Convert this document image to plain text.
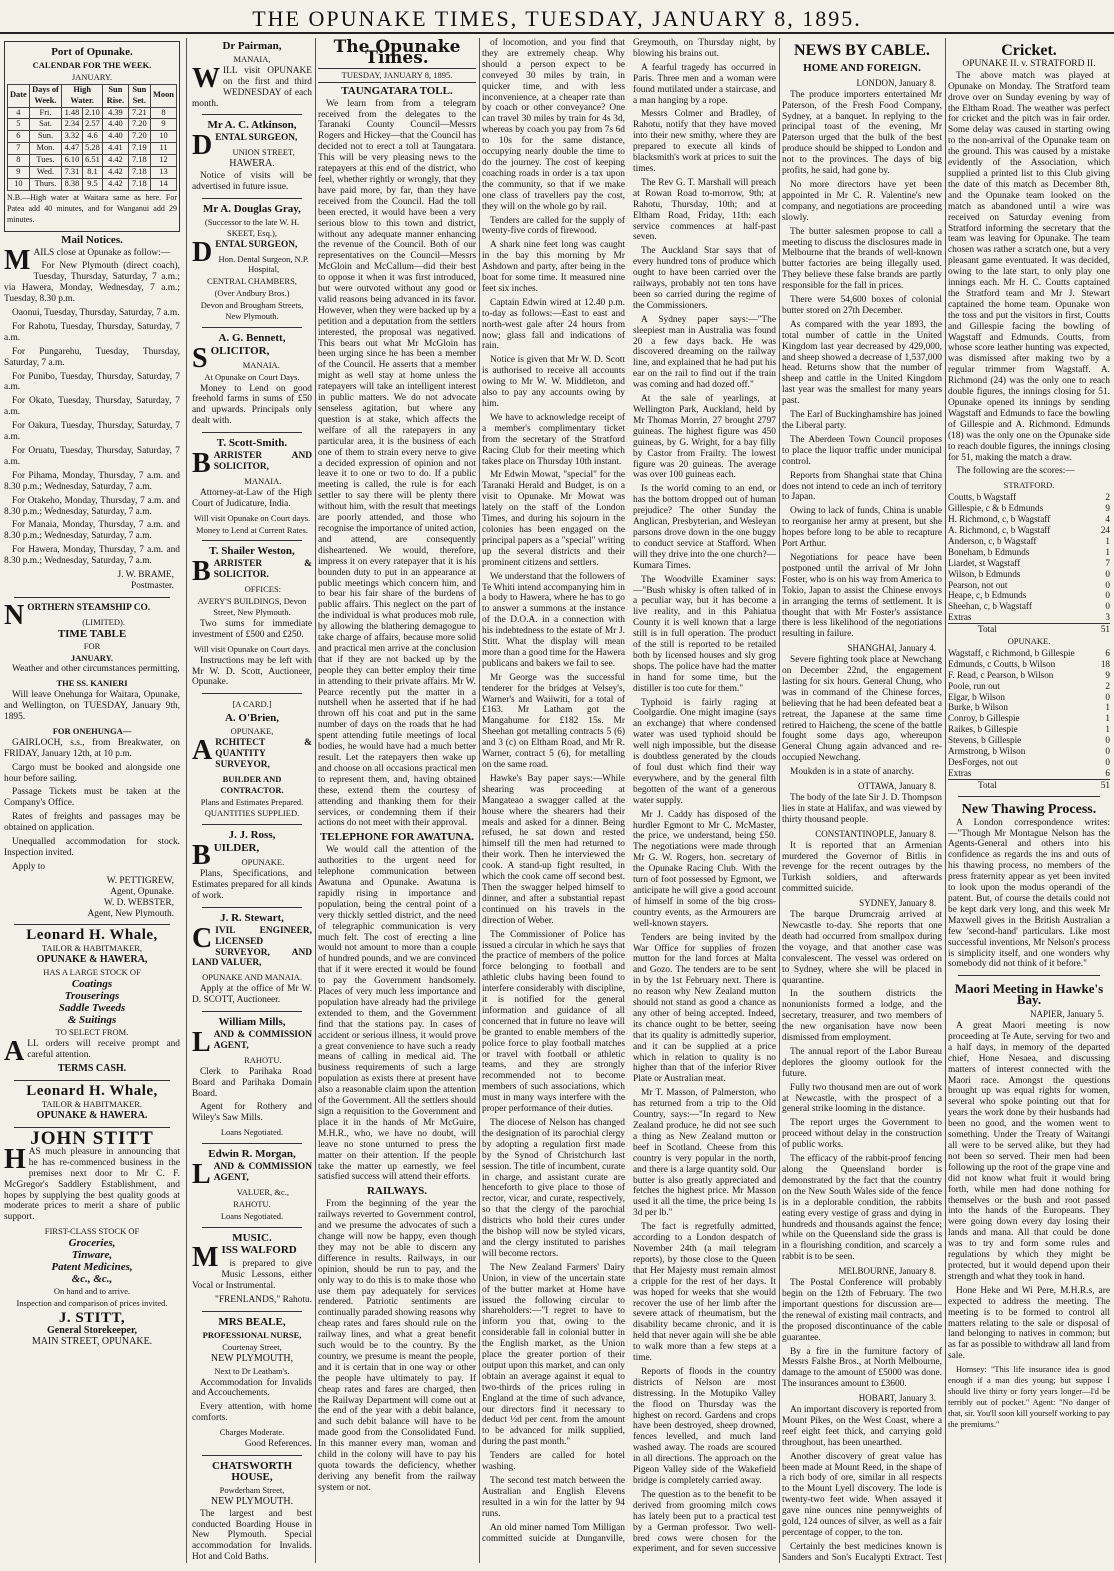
THE OPUNAKE TIMES, TUESDAY, JANUARY 8, 1895.
Port of Opunake.
CALENDAR FOR THE WEEK.
JANUARY.
Date	Days of Week.	High Water.		Sun Rise.	Sun Set.	Moon
4	Fri.	1.48	2.10	4.39	7.21	8
5	Sat.	2.34	2.57	4.40	7.20	9
6	Sun.	3.32	4.6	4.40	7.20	10
7	Mon.	4.47	5.28	4.41	7.19	11
8	Tues.	6.10	6.51	4.42	7.18	12
9	Wed.	7.31	8.1	4.42	7.18	13
10	Thurs.	8.38	9.5	4.42	7.18	14

N.B.—High water at Waitara same as here. For Patea add 40 minutes, and for Wanganui add 29 minutes.

Mail Notices.

MAILS close at Opunake as follow:—

For New Plymouth (direct coach), Tuesday, Thursday, Saturday, 7 a.m.; via Hawera, Monday, Wednesday, 7 a.m.; Tuesday, 8.30 p.m.

Oaonui, Tuesday, Thursday, Saturday, 7 a.m.

For Rahotu, Tuesday, Thursday, Saturday, 7 a.m.

For Pungarehu, Tuesday, Thursday, Saturday, 7 a.m.

For Punibo, Tuesday, Thursday, Saturday, 7 a.m.

For Okato, Tuesday, Thursday, Saturday, 7 a.m.

For Oakura, Tuesday, Thursday, Saturday, 7 a.m.

For Oruatu, Tuesday, Thursday, Saturday, 7 a.m.

For Pihama, Monday, Thursday, 7 a.m. and 8.30 p.m.; Wednesday, Saturday, 7 a.m.

For Otakeho, Monday, Thursday, 7 a.m. and 8.30 p.m.; Wednesday, Saturday, 7 a.m.

For Manaia, Monday, Thursday, 7 a.m. and 8.30 p.m.; Wednesday, Saturday, 7 a.m.

For Hawera, Monday, Thursday, 7 a.m. and 8.30 p.m.; Wednesday, Saturday, 7 a.m.

J. W. BRAME,
Postmaster.

NORTHERN STEAMSHIP CO.

(LIMITED).
TIME TABLE
FOR
JANUARY.

Weather and other circumstances permitting,

THE SS. KANIERI

Will leave Onehunga for Waitara, Opunake, and Wellington, on TUESDAY, January 9th, 1895.

FOR ONEHUNGA—

GAIRLOCH, s.s., from Breakwater, on FRIDAY, January 12th, at 10 p.m.

Cargo must be booked and alongside one hour before sailing.

Passage Tickets must be taken at the Company's Office.

Rates of freights and passages may be obtained on application.

Unequalled accommodation for stock. Inspection invited.

Apply to

W. PETTIGREW,
Agent, Opunake.
W. D. WEBSTER,
Agent, New Plymouth.
Leonard H. Whale,
TAILOR & HABITMAKER,
OPUNAKE & HAWERA,
HAS A LARGE STOCK OF
Coatings
Trouserings
Saddle Tweeds
& Suitings
TO SELECT FROM.

ALL orders will receive prompt and careful attention.

TERMS CASH.
Leonard H. Whale,
TAILOR & HABITMAKER.
OPUNAKE & HAWERA.
JOHN STITT

HAS much pleasure in announcing that he has re-commenced business in the premises next door to Mr C. F. McGregor's Saddlery Establishment, and hopes by supplying the best quality goods at moderate prices to merit a share of public support.

FIRST-CLASS STOCK OF
Groceries,
Tinware,
Patent Medicines,
&c., &c.,
On hand and to arrive.
Inspection and comparison of prices invited.
J. STITT,
General Storekeeper,
MAIN STREET, OPUNAKE.
Dr Pairman,
MANAIA,

WILL visit OPUNAKE on the first and third WEDNESDAY of each month.

Mr A. C. Atkinson,

DENTAL SURGEON,

UNION STREET,
HAWERA.

Notice of visits will be advertised in future issue.

Mr A. Douglas Gray,
(Successor to the late W. H. SKEET, Esq.),

DENTAL SURGEON,

Hon. Dental Surgeon, N.P. Hospital,
CENTRAL CHAMBERS,
(Over Andbury Bros.)
Devon and Brougham Streets, New Plymouth.
A. G. Bennett,

SOLICITOR,

MANAIA.
At Opunake on Court Days.

Money to Lend on good freehold farms in sums of £50 and upwards. Principals only dealt with.

T. Scott-Smith.

BARRISTER AND SOLICITOR,

MANAIA.

Attorney-at-Law of the High Court of Judicature, India.

Will visit Opunake on Court days.
Money to Lend at Current Rates.
T. Shailer Weston,

BARRISTER & SOLICITOR.

OFFICES:
AVERY'S BUILDINGS, Devon Street, New Plymouth.

Two sums for immediate investment of £500 and £250.

Will visit Opunake on Court days.

Instructions may be left with Mr W. D. Scott, Auctioneer, Opunake.

[A CARD.]
A. O'Brien,
OPUNAKE,

ARCHITECT & QUANTITY SURVEYOR,

BUILDER AND CONTRACTOR.
Plans and Estimates Prepared.
QUANTITIES SUPPLIED.
J. J. Ross,

BUILDER,

OPUNAKE.

Plans, Specifications, and Estimates prepared for all kinds of work.

J. R. Stewart,

CIVIL ENGINEER, LICENSED SURVEYOR, AND LAND VALUER,

OPUNAKE AND MANAIA.

Apply at the office of Mr W. D. SCOTT, Auctioneer.

William Mills,

LAND & COMMISSION AGENT,

RAHOTU.

Clerk to Parihaka Road Board and Parihaka Domain Board.

Agent for Rothery and Wiley's Saw Mills.

Loans Negotiated.
Edwin R. Morgan,

LAND & COMMISSION AGENT,

VALUER, &c.,
RAHOTU.
Loans Negotiated.
MUSIC.

MISS WALFORD

is prepared to give Music Lessons, either Vocal or Instrumental.

"FRENLANDS," Rahotu.
MRS BEALE,
PROFESSIONAL NURSE,
Courtenay Street,
NEW PLYMOUTH,
Next to Dr Leatham's.

Accommodation for Invalids and Accouchements.

Every attention, with home comforts.

Charges Moderate.
Good References.
CHATSWORTH HOUSE,
Powderham Street,
NEW PLYMOUTH.

The largest and best conducted Boarding House in New Plymouth. Special accommodation for Invalids. Hot and Cold Baths.

The Opunake Times.
TUESDAY, JANUARY 8, 1895.
TAUNGATARA TOLL.

We learn from from a telegram received from the delegates to the Taranaki County Council—Messrs Rogers and Hickey—that the Council has decided not to erect a toll at Taungatara. This will be very pleasing news to the ratepayers at this end of the district, who feel, whether rightly or wrongly, that they have paid more, by far, than they have received from the Council. Had the toll been erected, it would have been a very serious blow to this town and district, without any adequate manner enhancing the revenue of the Council. Both of our representatives on the Council—Messrs McGloin and McCallum—did their best to oppose it when it was first introduced, but were outvoted without any good or valid reasons being advanced in its favor. However, when they were backed up by a petition and a deputation from the settlers interested, the proposal was negatived. This bears out what Mr McGloin has been urging since he has been a member of the Council. He asserts that a member might as well stay at home unless the ratepayers will take an intelligent interest in public matters. We do not advocate senseless agitation, but where any question is at stake, which affects the welfare of all the ratepayers in any particular area, it is the business of each one of them to strain every nerve to give a decided expression of opinion and not leave it to one or two to do. If a public meeting is called, the rule is for each settler to say there will be plenty there without him, with the result that meetings are poorly attended, and those who recognise the importance of united action, and attend, are consequently disheartened. We would, therefore, impress it on every ratepayer that it is his bounden duty to put in an appearance at public meetings which concern him, and to bear his fair share of the burdens of public affairs. This neglect on the part of the individual is what produces mob rule, by allowing the blathering demagogue to take charge of affairs, because more solid and practical men arrive at the conclusion that if they are not backed up by the people they can better employ their time in attending to their private affairs. Mr W. Pearce recently put the matter in a nutshell when he asserted that if he had thrown off his coat and put in the same number of days on the roads that he had spent attending futile meetings of local bodies, he would have had a much better result. Let the ratepayers then wake up and choose on all occasions practical men to represent them, and, having obtained these, extend them the courtesy of attending and thanking them for their services, or condemning them if their actions do not meet with their approval.

TELEPHONE FOR AWATUNA.

We would call the attention of the authorities to the urgent need for telephone communication between Awatuna and Opunake. Awatuna is rapidly rising in importance and population, being the central point of a very thickly settled district, and the need of telegraphic communication is very much felt. The cost of erecting a line would not amount to more than a couple of hundred pounds, and we are convinced that if it were erected it would be found to pay the Government handsomely. Places of very much less importance and population have already had the privilege extended to them, and the Government find that the stations pay. In cases of accident or serious illness, it would prove a great convenience to have such a ready means of calling in medical aid. The business requirements of such a large population as exists there at present have also a reasonable claim upon the attention of the Government. All the settlers should sign a requisition to the Government and place it in the hands of Mr McGuire, M.H.R., who, we have no doubt, will leave no stone unturned to press the matter on their attention. If the people take the matter up earnestly, we feel satisfied success will attend their efforts.

RAILWAYS.

From the beginning of the year the railways reverted to Government control, and we presume the advocates of such a change will now be happy, even though they may not be able to discern any difference in results. Railways, in our opinion, should be run to pay, and the only way to do this is to make those who use them pay adequately for services rendered. Patriotic sentiments are continually paraded showing reasons why cheap rates and fares should rule on the railway lines, and what a great benefit such would be to the country. By the country, we presume is meant the people, and it is certain that in one way or other the people have ultimately to pay. If cheap rates and fares are charged, then the Railway Department will come out at the end of the year with a debit balance, and such debit balance will have to be made good from the Consolidated Fund. In this manner every man, woman and child in the colony will have to pay his quota towards the deficiency, whether deriving any benefit from the railway system or not.

of locomotion, and you find that they are extremely cheap. Why should a person expect to be conveyed 30 miles by train, in quicker time, and with less inconvenience, at a cheaper rate than by coach or other conveyance? One can travel 30 miles by train for 4s 3d, whereas by coach you pay from 7s 6d to 10s for the same distance, occupying nearly double the time to do the journey. The cost of keeping coaching roads in order is a tax upon the community, so that if we make one class of travellers pay the cost, they will on the whole go by rail.

Tenders are called for the supply of twenty-five cords of firewood.

A shark nine feet long was caught in the bay this morning by Mr Ashdown and party, after being in the boat for some time. It measured nine feet six inches.

Captain Edwin wired at 12.40 p.m. to-day as follows:—East to east and north-west gale after 24 hours from now; glass fall and indications of rain.

Notice is given that Mr W. D. Scott is authorised to receive all accounts owing to Mr W. W. Middleton, and also to pay any accounts owing by him.

We have to acknowledge receipt of a member's complimentary ticket from the secretary of the Stratford Racing Club for their meeting which takes place on Thursday 10th instant.

Mr Edwin Mowat, "special" for the Taranaki Herald and Budget, is on a visit to Opunake. Mr Mowat was lately on the staff of the London Times, and during his sojourn in the colonies has been engaged on the principal papers as a "special" writing up the several districts and their prominent citizens and settlers.

We understand that the followers of Te Whiti intend accompanying him in a body to Hawera, where he has to go to answer a summons at the instance of the D.O.A. in a connection with his indebtedness to the estate of Mr J. Stitt. What the display will mean more than a good time for the Hawera publicans and bakers we fail to see.

Mr George was the successful tenderer for the bridges at Velsey's, Warner's and Waiiwiti, for a total of £163. Mr Latham got the Mangahume for £182 15s. Mr Sheehan got metalling contracts 5 (6) and 3 (c) on Eltham Road, and Mr R. Warner, contract 5 (6), for metalling on the same road.

Hawke's Bay paper says:—While shearing was proceeding at Mangateao a swagger called at the house where the shearers had their meals and asked for a dinner. Being refused, he sat down and rested himself till the men had returned to their work. Then he interviewed the cook. A stand-up fight resulted, in which the cook came off second best. Then the swagger helped himself to dinner, and after a substantial repast continued on his travels in the direction of Weber.

The Commissioner of Police has issued a circular in which he says that the practice of members of the police force belonging to football and athletic clubs having been found to interfere considerably with discipline, it is notified for the general information and guidance of all concerned that in future no leave will be granted to enable members of the police force to play football matches or travel with football or athletic teams, and they are strongly recommended not to become members of such associations, which must in many ways interfere with the proper performance of their duties.

The diocese of Nelson has changed the designation of its parochial clergy by adopting a regulation first made by the Synod of Christchurch last session. The title of incumbent, curate in charge, and assistant curate are henceforth to give place to those of rector, vicar, and curate, respectively, so that the clergy of the parochial districts who hold their cures under the bishop will now be styled vicars, and the clergy instituted to parishes will become rectors.

The New Zealand Farmers' Dairy Union, in view of the uncertain state of the butter market at Home have issued the following circular to shareholders:—"I regret to have to inform you that, owing to the considerable fall in colonial butter in the English market, as the Union place the greater portion of their output upon this market, and can only obtain an average against it equal to two-thirds of the prices ruling in England at the time of such advance, our directors find it necessary to deduct ½d per cent. from the amount to be advanced for milk supplied, during the past month."

Tenders are called for hotel washing.

The second test match between the Australian and English Elevens resulted in a win for the latter by 94 runs.

An old miner named Tom Milligan committed suicide at Dunganville, Greymouth, on Thursday night, by blowing his brains out.

A fearful tragedy has occurred in Paris. Three men and a woman were found mutilated under a staircase, and a man hanging by a rope.

Messrs Colmer and Bradley, of Rahotu, notify that they have moved into their new smithy, where they are prepared to execute all kinds of blacksmith's work at prices to suit the times.

The Rev G. T. Marshall will preach at Rowan Road to-morrow, 9th; at Rahotu, Thursday, 10th; and at Eltham Road, Friday, 11th: each service commences at half-past seven.

The Auckland Star says that of every hundred tons of produce which ought to have been carried over the railways, probably not ten tons have been so carried during the regime of the Commissioners.

A Sydney paper says:—"The sleepiest man in Australia was found 20 a few days back. He was discovered dreaming on the railway line, and explained that he had put his ear on the rail to find out if the train was coming and had dozed off."

At the sale of yearlings, at Wellington Park, Auckland, held by Mr Thomas Morrin, 27 brought 2797 guineas. The highest figure was 450 guineas, by G. Wright, for a bay filly by Castor from Frailty. The lowest figure was 20 guineas. The average was over 100 guineas each.

Is the world coming to an end, or has the bottom dropped out of human prejudice? The other Sunday the Anglican, Presbyterian, and Wesleyan parsons drove down in the one buggy to conduct service at Stafford. When will they drive into the one church?—Kumara Times.

The Woodville Examiner says:—"Bush whisky is often talked of in a peculiar way, but it has become a live reality, and in this Pahiatua County it is well known that a large still is in full operation. The product of the still is reported to be retailed both by licensed houses and sly grog shops. The police have had the matter in hand for some time, but the distiller is too cute for them."

Typhoid is fairly raging at Coolgardie. One might imagine (says an exchange) that where condensed water was used typhoid should be well nigh impossible, but the disease is doubtless generated by the clouds of foul dust which find their way everywhere, and by the general filth begotten of the want of a generous water supply.

Mr J. Caddy has disposed of the hurdler Egmont to Mr C. McMaster, the price, we understand, being £50. The negotiations were made through Mr G. W. Rogers, hon. secretary of the Opunake Racing Club. With the turn of foot possessed by Egmont, we anticipate he will give a good account of himself in some of the big cross-country events, as the Armourers are well-known stayers.

Tenders are being invited by the War Office for supplies of frozen mutton for the land forces at Malta and Gozo. The tenders are to be sent in by the 1st February next. There is no reason why New Zealand mutton should not stand as good a chance as any other of being accepted. Indeed, its chance ought to be better, seeing that its quality is admittedly superior, and it can be supplied at a price which in relation to quality is no higher than that of the inferior River Plate or Australian meat.

Mr T. Masson, of Palmerston, who has returned from a trip to the Old Country, says:—"In regard to New Zealand produce, he did not see such a thing as New Zealand mutton or beef in Scotland. Cheese from this country is very popular in the north, and there is a large quantity sold. Our butter is also greatly appreciated and fetches the highest price. Mr Masson used it all the time, the price being 1s 3d per lb."

The fact is regretfully admitted, according to a London despatch of November 24th (a mail telegram reports), by those close to the Queen that Her Majesty must remain almost a cripple for the rest of her days. It was hoped for weeks that she would recover the use of her limb after the severe attack of rheumatism, but the disability became chronic, and it is held that never again will she be able to walk more than a few steps at a time.

Reports of floods in the country districts of Nelson are most distressing. In the Motupiko Valley the flood on Thursday was the highest on record. Gardens and crops have been destroyed, sheep drowned, fences levelled, and much land washed away. The roads are scoured in all directions. The approach on the Pigeon Valley side of the Wakefield bridge is completely carried away.

The question as to the benefit to be derived from grooming milch cows has lately been put to a practical test by a German professor. Two well-bred cows were chosen for the experiment, and for seven successive

NEWS BY CABLE.
HOME AND FOREIGN.
LONDON, January 8.

The produce importers entertained Mr Paterson, of the Fresh Food Company, Sydney, at a banquet. In replying to the principal toast of the evening, Mr Paterson urged that the bulk of the best produce should be shipped to London and not to the provinces. The days of big profits, he said, had gone by.

No more directors have yet been appointed in Mr C. R. Valentine's new company, and negotiations are proceeding slowly.

The butter salesmen propose to call a meeting to discuss the disclosures made in Melbourne that the brands of well-known butter factories are being illegally used. They believe these false brands are partly responsible for the fall in prices.

There were 54,600 boxes of colonial butter stored on 27th December.

As compared with the year 1893, the total number of cattle in the United Kingdom last year decreased by 429,000, and sheep showed a decrease of 1,537,000 head. Returns show that the number of sheep and cattle in the United Kingdom last year was the smallest for many years past.

The Earl of Buckinghamshire has joined the Liberal party.

The Aberdeen Town Council proposes to place the liquor traffic under municipal control.

Reports from Shanghai state that China does not intend to cede an inch of territory to Japan.

Owing to lack of funds, China is unable to reorganise her army at present, but she hopes before long to be able to recapture Port Arthur.

Negotiations for peace have been postponed until the arrival of Mr John Foster, who is on his way from America to Tokio, Japan to assist the Chinese envoys in arranging the terms of settlement. It is thought that with Mr Foster's assistance there is less likelihood of the negotiations resulting in failure.

SHANGHAI, January 4.

Severe fighting took place at Newchang on December 22nd, the engagement lasting for six hours. General Chung, who was in command of the Chinese forces, believing that he had been defeated beat a retreat, the Japanese at the same time retired to Haicheng, the scene of the battle fought some days ago, whereupon General Chung again advanced and re-occupied Newchang.

Moukden is in a state of anarchy.

OTTAWA, January 8.

The body of the late Sir J. D. Thompson lies in state at Halifax, and was viewed by thirty thousand people.

CONSTANTINOPLE, January 8.

It is reported that an Armenian murdered the Governor of Bitlis in revenge for the recent outrages by the Turkish soldiers, and afterwards committed suicide.

SYDNEY, January 8.

The barque Drumcraig arrived at Newcastle to-day. She reports that one death had occurred from smallpox during the voyage, and that another case was convalescent. The vessel was ordered on to Sydney, where she will be placed in quarantine.

In the southern districts the nonunionists formed a lodge, and the secretary, treasurer, and two members of the new organisation have now been dismissed from employment.

The annual report of the Labor Bureau deplores the gloomy outlook for the future.

Fully two thousand men are out of work at Newcastle, with the prospect of a general strike looming in the distance.

The report urges the Government to proceed without delay in the construction of public works.

The efficacy of the rabbit-proof fencing along the Queensland border is demonstrated by the fact that the country on the New South Wales side of the fence is in a deplorable condition, the rabbits eating every vestige of grass and dying in hundreds and thousands against the fence; while on the Queensland side the grass is in a flourishing condition, and scarcely a rabbit is to be seen.

MELBOURNE, January 8.

The Postal Conference will probably begin on the 12th of February. The two important questions for discussion are—the renewal of existing mail contracts, and the proposed discontinuance of the cable guarantee.

By a fire in the furniture factory of Messrs Falshe Bros., at North Melbourne, damage to the amount of £5000 was done. The insurances amount to £3600.

HOBART, January 3.

An important discovery is reported from Mount Pikes, on the West Coast, where a reef eight feet thick, and carrying gold throughout, has been unearthed.

Another discovery of great value has been made at Mount Reed, in the shape of a rich body of ore, similar in all respects to the Mount Lyell discovery. The lode is twenty-two feet wide. When assayed it gave nine ounces nine pennyweights of gold, 124 ounces of silver, as well as a fair percentage of copper, to the ton.

Certainly the best medicines known is Sanders and Son's Eucalypti Extract. Test

Cricket.
OPUNAKE II. v. STRATFORD II.

The above match was played at Opunake on Monday. The Stratford team drove over on Sunday evening by way of the Eltham Road. The weather was perfect for cricket and the pitch was in fair order. Some delay was caused in starting owing to the non-arrival of the Opunake team on the ground. This was caused by a mistake evidently of the Association, which supplied a printed list to this Club giving the date of this match as December 8th, and the Opunake team looked on the match as abandoned until a wire was received on Saturday evening from Stratford informing the secretary that the team was leaving for Opunake. The team chosen was rather a scratch one, but a very pleasant game eventuated. It was decided, owing to the late start, to only play one innings each. Mr H. C. Coutts captained the Stratford team and Mr J. Stewart captained the home team. Opunake won the toss and put the visitors in first, Coutts and Gillespie facing the bowling of Wagstaff and Edmunds. Coutts, from whose score leather hunting was expected, was dismissed after making two by a regular trimmer from Wagstaff. A. Richmond (24) was the only one to reach double figures, the innings closing for 51. Opunake opened its innings by sending Wagstaff and Edmunds to face the bowling of Gillespie and A. Richmond. Edmunds (18) was the only one on the Opunake side to reach double figures, the innings closing for 51, making the match a draw.

The following are the scores:—

STRATFORD.
Coutts, b Wagstaff	2
Gillespie, c & b Edmunds	9
H. Richmond, c, b Wagstaff	4
A. Richmond, c, b Wagstaff	24
Anderson, c, b Wagstaff	1
Boneham, b Edmunds	1
Liardet, st Wagstaff	7
Wilson, b Edmunds	0
Pearson, not out	0
Heape, c, b Edmunds	0
Sheehan, c, b Wagstaff	0
Extras	3
Total	51
OPUNAKE.
Wagstaff, c Richmond, b Gillespie	6
Edmunds, c Coutts, b Wilson	18
F. Read, c Pearson, b Wilson	9
Poole, run out	2
Elgar, b Wilson	0
Burke, b Wilson	1
Conroy, b Gillespie	1
Raikes, b Gillespie	1
Stevens, b Gillespie	0
Armstrong, b Wilson	0
DesForges, not out	0
Extras	6
Total	51
New Thawing Process.

A London correspondence writes:—"Though Mr Montague Nelson has the Agents-General and others into his confidence as regards the ins and outs of his thawing process, no members of the press fraternity appear as yet been invited to look upon the modus operandi of the patent. But, of course the details could not be kept dark very long, and this week Mr Maxwell gives in the British Australian a few 'second-hand' particulars. Like most successful inventions, Mr Nelson's process is simplicity itself, and one wonders why somebody did not think of it before."

Maori Meeting in Hawke's Bay.
NAPIER, January 5.

A great Maori meeting is now proceeding at Te Aute, serving for two and a half days, in memory of the departed chief, Hone Nesaea, and discussing matters of interest connected with the Maori race. Amongst the questions brought up was equal rights for women, several who spoke pointing out that for years the work done by their husbands had been no good, and the women went to something. Under the Treaty of Waitangi all were to be served alike, but they had not been so served. Their men had been following up the root of the grape vine and did not know what fruit it would bring forth, while men had done nothing for themselves or the bush and root passed into the hands of the Europeans. They were going down every day losing their lands and mana. All that could be done was to try and form some rules and regulations by which they might be protected, but it would depend upon their strength and what they took in hand.

Hone Heke and Wi Pere, M.H.R.s, are expected to address the meeting. The meeting is to be formed to control all matters relating to the sale or disposal of land belonging to natives in common; but as far as possible to withdraw all land from sale.

Hornsey: "This life insurance idea is good enough if a man dies young; but suppose I should live thirty or forty years longer—I'd be terribly out of pocket." Agent: "No danger of that, sir. You'll soon kill yourself working to pay the premiums."
